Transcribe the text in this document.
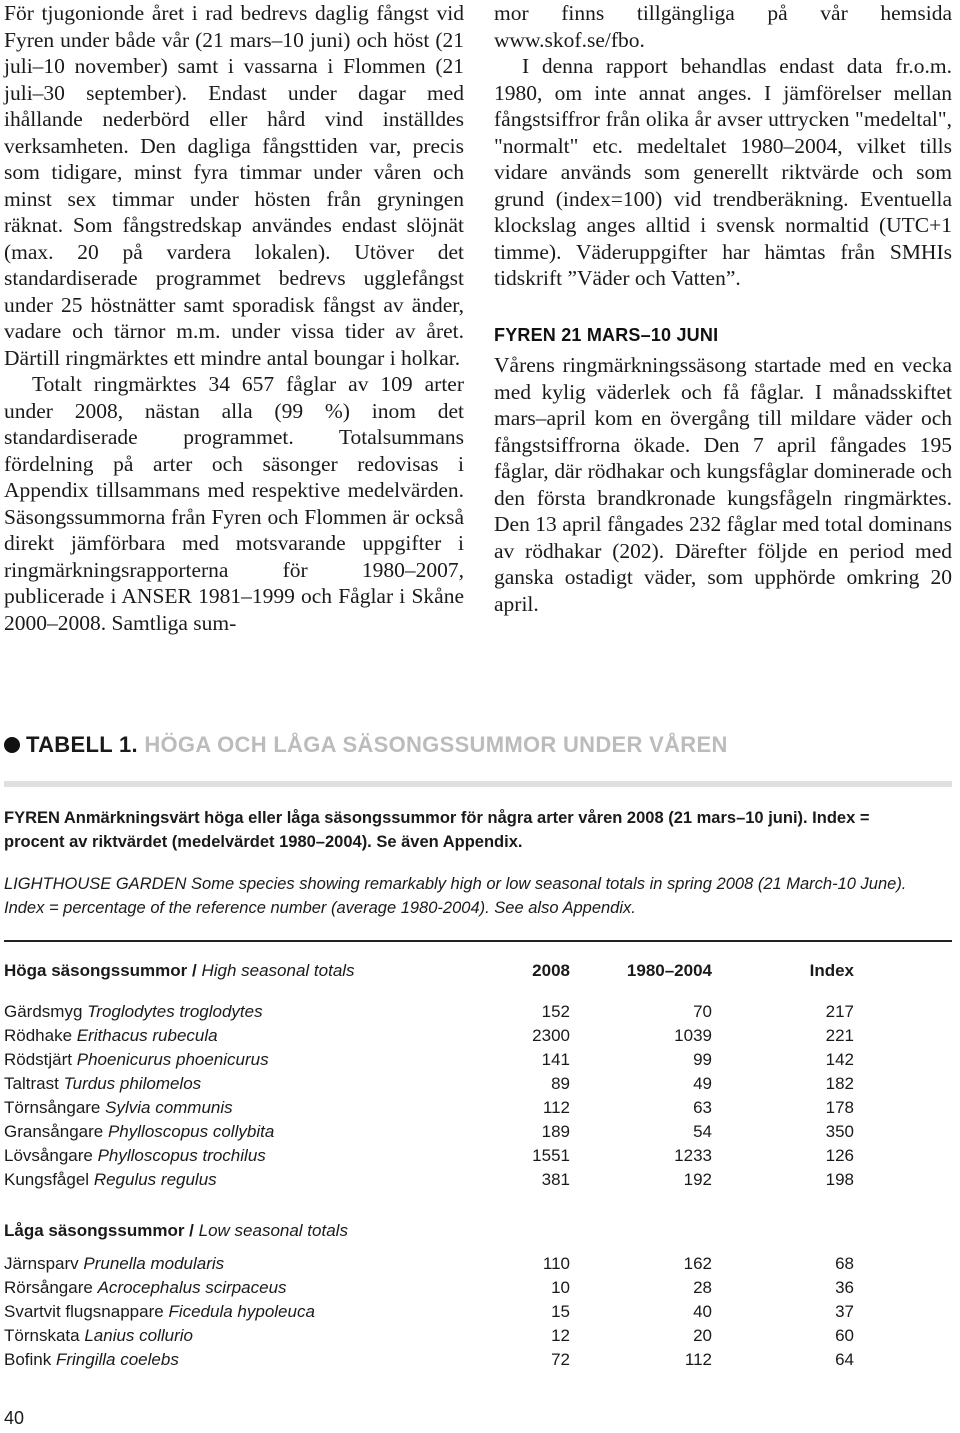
För tjugonionde året i rad bedrevs daglig fångst vid Fyren under både vår (21 mars–10 juni) och höst (21 juli–10 november) samt i vassarna i Flommen (21 juli–30 september). Endast under dagar med ihållande nederbörd eller hård vind inställdes verksamheten. Den dagliga fångsttiden var, precis som tidigare, minst fyra timmar under våren och minst sex timmar under hösten från gryningen räknat. Som fångstredskap användes endast slöjnät (max. 20 på vardera lokalen). Utöver det standardiserade programmet bedrevs ugglefångst under 25 höstnätter samt sporadisk fångst av änder, vadare och tärnor m.m. under vissa tider av året. Därtill ringmärktes ett mindre antal boungar i holkar.

Totalt ringmärktes 34 657 fåglar av 109 arter under 2008, nästan alla (99 %) inom det standardiserade programmet. Totalsummans fördelning på arter och säsonger redovisas i Appendix tillsammans med respektive medelvärden. Säsongssummorna från Fyren och Flommen är också direkt jämförbara med motsvarande uppgifter i ringmärkningsrapporterna för 1980–2007, publicerade i ANSER 1981–1999 och Fåglar i Skåne 2000–2008. Samtliga sum-

mor finns tillgängliga på vår hemsida www.skof.se/fbo.

I denna rapport behandlas endast data fr.o.m. 1980, om inte annat anges. I jämförelser mellan fångstsiffror från olika år avser uttrycken "medeltal", "normalt" etc. medeltalet 1980–2004, vilket tills vidare används som generellt riktvärde och som grund (index=100) vid trendberäkning. Eventuella klockslag anges alltid i svensk normaltid (UTC+1 timme). Väderuppgifter har hämtas från SMHIs tidskrift ”Väder och Vatten”.

FYREN 21 MARS–10 JUNI

Vårens ringmärkningssäsong startade med en vecka med kylig väderlek och få fåglar. I månadsskiftet mars–april kom en övergång till mildare väder och fångstsiffrorna ökade. Den 7 april fångades 195 fåglar, där rödhakar och kungsfåglar dominerade och den första brandkronade kungsfågeln ringmärktes. Den 13 april fångades 232 fåglar med total dominans av rödhakar (202). Därefter följde en period med ganska ostadigt väder, som upphörde omkring 20 april.

TABELL 1. HÖGA OCH LÅGA SÄSONGSSUMMOR UNDER VÅREN
FYREN Anmärkningsvärt höga eller låga säsongssummor för några arter våren 2008 (21 mars–10 juni). Index = procent av riktvärdet (medelvärdet 1980–2004). Se även Appendix.
LIGHTHOUSE GARDEN Some species showing remarkably high or low seasonal totals in spring 2008 (21 March-10 June). Index = percentage of the reference number (average 1980-2004). See also Appendix.
Höga säsongssummor / High seasonal totals	2008	1980–2004	Index

Gärdsmyg Troglodytes troglodytes	152	70	217
Rödhake Erithacus rubecula	2300	1039	221
Rödstjärt Phoenicurus phoenicurus	141	99	142
Taltrast Turdus philomelos	89	49	182
Törnsångare Sylvia communis	112	63	178
Gransångare Phylloscopus collybita	189	54	350
Lövsångare Phylloscopus trochilus	1551	1233	126
Kungsfågel Regulus regulus	381	192	198

Låga säsongssummor / Low seasonal totals			

Järnsparv Prunella modularis	110	162	68
Rörsångare Acrocephalus scirpaceus	10	28	36
Svartvit flugsnappare Ficedula hypoleuca	15	40	37
Törnskata Lanius collurio	12	20	60
Bofink Fringilla coelebs	72	112	64
40
